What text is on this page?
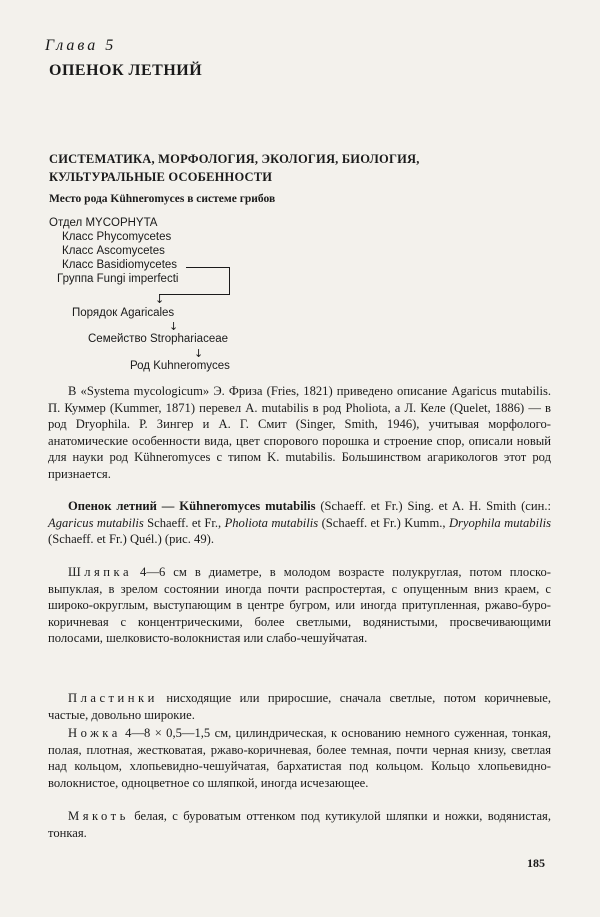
Глава 5
ОПЕНОК ЛЕТНИЙ
СИСТЕМАТИКА, МОРФОЛОГИЯ, ЭКОЛОГИЯ, БИОЛОГИЯ, КУЛЬТУРАЛЬНЫЕ ОСОБЕННОСТИ
Место рода Kühneromyces в системе грибов
Отдел MYCOPHYTA
Класс Phycomycetes
Класс Ascomycetes
Класс Basidiomycetes
Группа Fungi imperfecti
↓
Порядок Agaricales
↓
Семейство Strophariaceae
↓
Род Kuhneromyces
В «Systema mycologicum» Э. Фриза (Fries, 1821) приведено описание Agaricus mutabilis. П. Куммер (Kummer, 1871) перевел A. mutabilis в род Pholiota, а Л. Келе (Quelet, 1886) — в род Dryophila. Р. Зингер и А. Г. Смит (Singer, Smith, 1946), учитывая морфолого-анатомические особенности вида, цвет спорового порошка и строение спор, описали новый для науки род Kühneromyces с типом K. mutabilis. Большинством агарикологов этот род признается.
Опенок летний — Kühneromyces mutabilis (Schaeff. et Fr.) Sing. et A. H. Smith (син.: Agaricus mutabilis Schaeff. et Fr., Pholiota mutabilis (Schaeff. et Fr.) Kumm., Dryophila mutabilis (Schaeff. et Fr.) Quél.) (рис. 49).
Шляпка 4—6 см в диаметре, в молодом возрасте полукруглая, потом плоско-выпуклая, в зрелом состоянии иногда почти распростертая, с опущенным вниз краем, с широко-округлым, выступающим в центре бугром, или иногда притупленная, ржаво-буро-коричневая с концентрическими, более светлыми, водянистыми, просвечивающими полосами, шелковисто-волокнистая или слабо-чешуйчатая.
Пластинки нисходящие или приросшие, сначала светлые, потом коричневые, частые, довольно широкие.
Ножка 4—8 × 0,5—1,5 см, цилиндрическая, к основанию немного суженная, тонкая, полая, плотная, жестковатая, ржаво-коричневая, более темная, почти черная книзу, светлая над кольцом, хлопьевидно-чешуйчатая, бархатистая под кольцом. Кольцо хлопьевидно-волокнистое, одноцветное со шляпкой, иногда исчезающее.
Мякоть белая, с буроватым оттенком под кутикулой шляпки и ножки, водянистая, тонкая.
185
